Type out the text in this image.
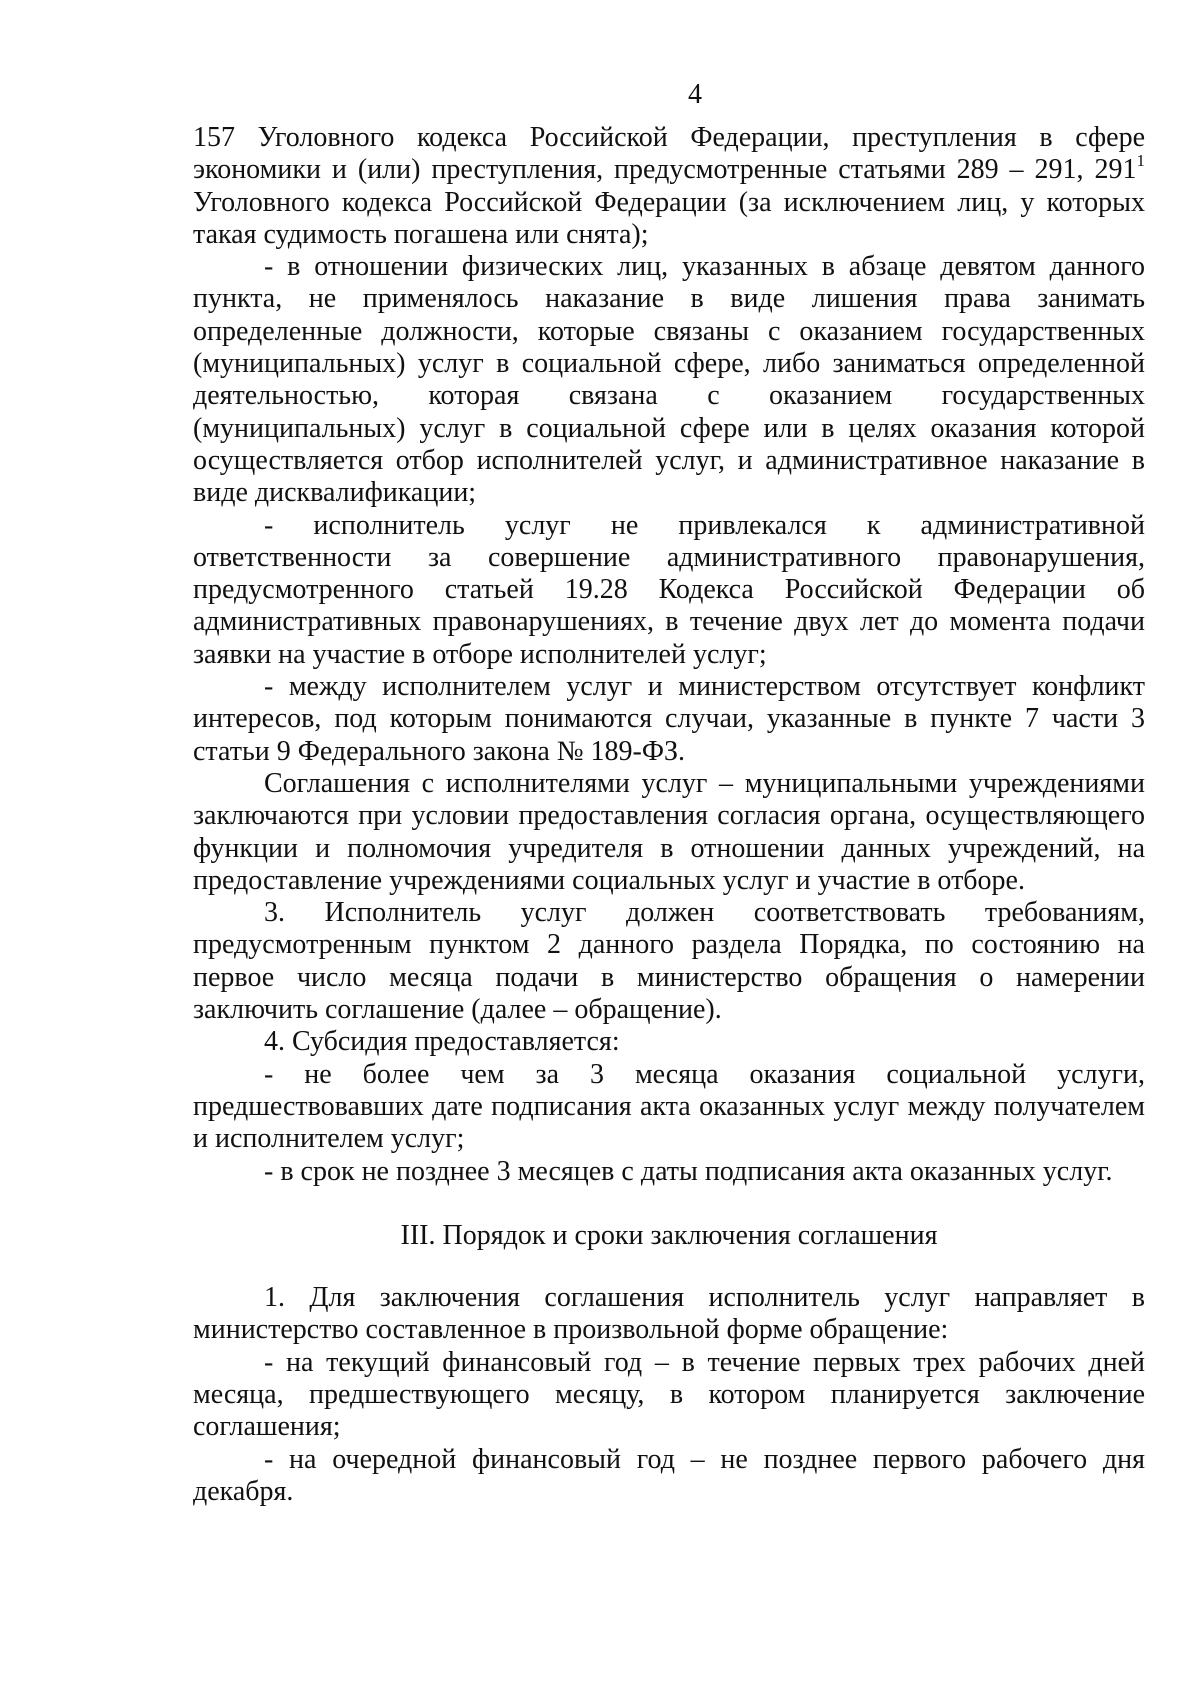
4

157 Уголовного кодекса Российской Федерации, преступления в сфере экономики и (или) преступления, предусмотренные статьями 289 – 291, $291^1$ Уголовного кодекса Российской Федерации (за исключением лиц, у которых такая судимость погашена или снята);

- в отношении физических лиц, указанных в абзаце девятом данного пункта, не применялось наказание в виде лишения права занимать определенные должности, которые связаны с оказанием государственных (муниципальных) услуг в социальной сфере, либо заниматься определенной деятельностью, которая связана с оказанием государственных (муниципальных) услуг в социальной сфере или в целях оказания которой осуществляется отбор исполнителей услуг, и административное наказание в виде дисквалификации;

- исполнитель услуг не привлекался к административной ответственности за совершение административного правонарушения, предусмотренного статьей 19.28 Кодекса Российской Федерации об административных правонарушениях, в течение двух лет до момента подачи заявки на участие в отборе исполнителей услуг;

- между исполнителем услуг и министерством отсутствует конфликт интересов, под которым понимаются случаи, указанные в пункте 7 части 3 статьи 9 Федерального закона № 189-ФЗ.

Соглашения с исполнителями услуг – муниципальными учреждениями заключаются при условии предоставления согласия органа, осуществляющего функции и полномочия учредителя в отношении данных учреждений, на предоставление учреждениями социальных услуг и участие в отборе.

3. Исполнитель услуг должен соответствовать требованиям, предусмотренным пунктом 2 данного раздела Порядка, по состоянию на первое число месяца подачи в министерство обращения о намерении заключить соглашение (далее – обращение).

4. Субсидия предоставляется:

- не более чем за 3 месяца оказания социальной услуги, предшествовавших дате подписания акта оказанных услуг между получателем и исполнителем услуг;

- в срок не позднее 3 месяцев с даты подписания акта оказанных услуг.

III. Порядок и сроки заключения соглашения

1. Для заключения соглашения исполнитель услуг направляет в министерство составленное в произвольной форме обращение:

- на текущий финансовый год – в течение первых трех рабочих дней месяца, предшествующего месяцу, в котором планируется заключение соглашения;

- на очередной финансовый год – не позднее первого рабочего дня декабря.
